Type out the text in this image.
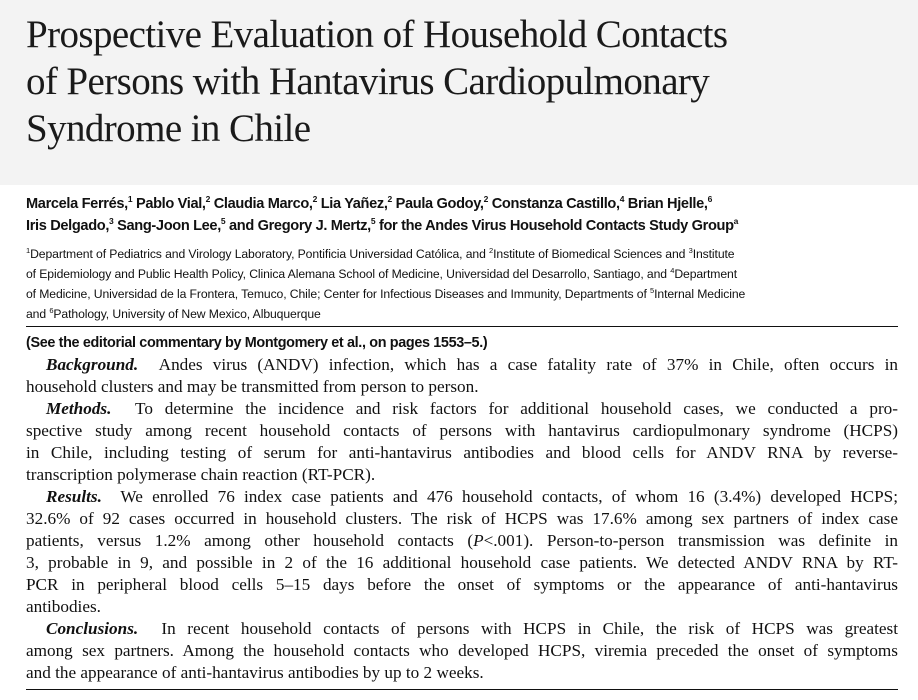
Prospective Evaluation of Household Contacts
of Persons with Hantavirus Cardiopulmonary
Syndrome in Chile
Marcela Ferrés,$^1$ Pablo Vial,$^2$ Claudia Marco,$^2$ Lia Yañez,$^2$ Paula Godoy,$^2$ Constanza Castillo,$^4$ Brian Hjelle,$^6$
Iris Delgado,$^3$ Sang-Joon Lee,$^5$ and Gregory J. Mertz,$^5$ for the Andes Virus Household Contacts Study Group$^a$
$^1$Department of Pediatrics and Virology Laboratory, Pontificia Universidad Católica, and $^2$Institute of Biomedical Sciences and $^3$Institute
of Epidemiology and Public Health Policy, Clinica Alemana School of Medicine, Universidad del Desarrollo, Santiago, and $^4$Department
of Medicine, Universidad de la Frontera, Temuco, Chile; Center for Infectious Diseases and Immunity, Departments of $^5$Internal Medicine
and $^6$Pathology, University of New Mexico, Albuquerque
(See the editorial commentary by Montgomery et al., on pages 1553–5.)
Background. Andes virus (ANDV) infection, which has a case fatality rate of 37% in Chile, often occurs in
household clusters and may be transmitted from person to person.
Methods. To determine the incidence and risk factors for additional household cases, we conducted a pro-
spective study among recent household contacts of persons with hantavirus cardiopulmonary syndrome (HCPS)
in Chile, including testing of serum for anti-hantavirus antibodies and blood cells for ANDV RNA by reverse-
transcription polymerase chain reaction (RT-PCR).
Results. We enrolled 76 index case patients and 476 household contacts, of whom 16 (3.4%) developed HCPS;
32.6% of 92 cases occurred in household clusters. The risk of HCPS was 17.6% among sex partners of index case
patients, versus 1.2% among other household contacts (P<.001). Person-to-person transmission was definite in
3, probable in 9, and possible in 2 of the 16 additional household case patients. We detected ANDV RNA by RT-
PCR in peripheral blood cells 5–15 days before the onset of symptoms or the appearance of anti-hantavirus
antibodies.
Conclusions. In recent household contacts of persons with HCPS in Chile, the risk of HCPS was greatest
among sex partners. Among the household contacts who developed HCPS, viremia preceded the onset of symptoms
and the appearance of anti-hantavirus antibodies by up to 2 weeks.
